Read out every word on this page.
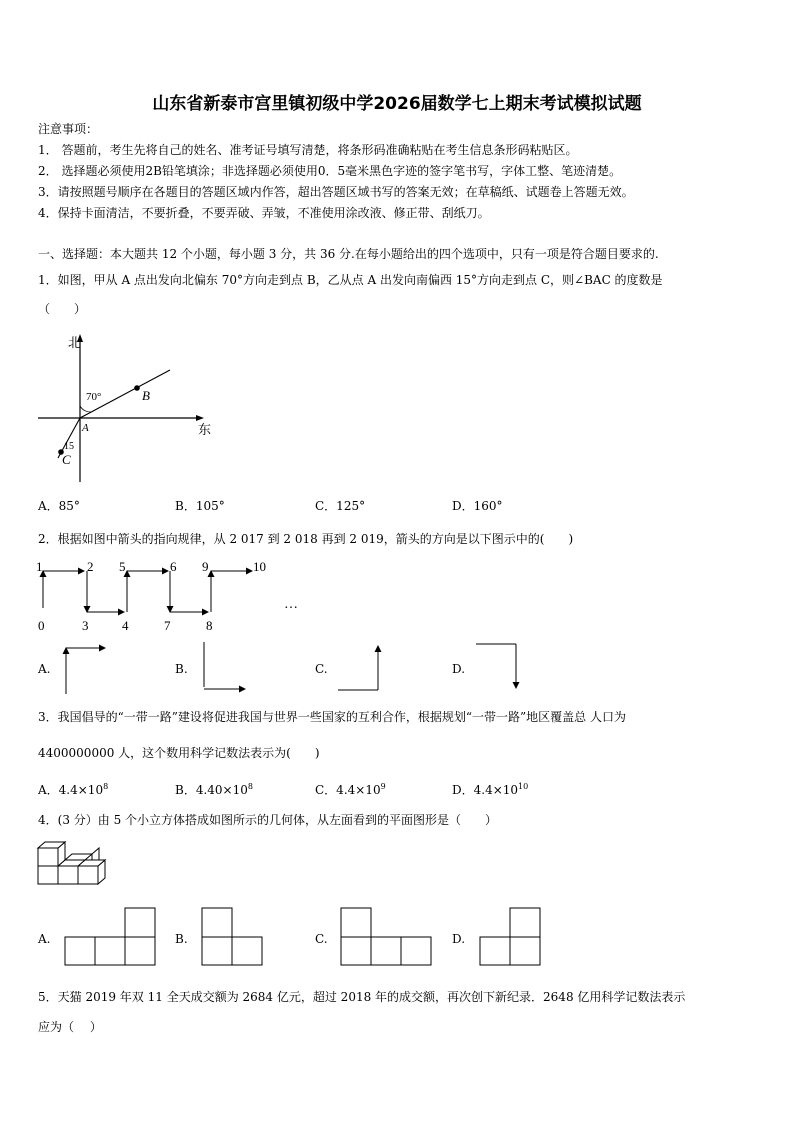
山东省新泰市宫里镇初级中学2026届数学七上期末考试模拟试题
注意事项：
1． 答题前，考生先将自己的姓名、准考证号填写清楚，将条形码准确粘贴在考生信息条形码粘贴区。
2． 选择题必须使用2B铅笔填涂；非选择题必须使用0．5毫米黑色字迹的签字笔书写，字体工整、笔迹清楚。
3．请按照题号顺序在各题目的答题区域内作答，超出答题区域书写的答案无效；在草稿纸、试题卷上答题无效。
4．保持卡面清洁，不要折叠，不要弄破、弄皱，不准使用涂改液、修正带、刮纸刀。
一、选择题：本大题共 12 个小题，每小题 3 分，共 36 分.在每小题给出的四个选项中，只有一项是符合题目要求的.
1．如图，甲从 A 点出发向北偏东 70°方向走到点 B，乙从点 A 出发向南偏西 15°方向走到点 C，则∠BAC 的度数是
（　　）
北
东
70°
15
A
B
C
A．85°	B．105°	C．125°	D．160°
2．根据如图中箭头的指向规律，从 2 017 到 2 018 再到 2 019，箭头的方向是以下图示中的(　　)
1	2 5	6 9	10
0	3	4	7	8
…
A.	B.	C.	D.
3．我国倡导的“一带一路”建设将促进我国与世界一些国家的互利合作，根据规划“一带一路”地区覆盖总 人口为
4400000000 人，这个数用科学记数法表示为(　　)
A．$4.4\times 10^8$	B．$4.40\times 10^8$	C．$4.4\times 10^9$	D．$4.4\times 10^{10}$
4．(3 分）由 5 个小立方体搭成如图所示的几何体，从左面看到的平面图形是（　　）
A.	B.	C.	D.
5．天猫 2019 年双 11 全天成交额为 2684 亿元，超过 2018 年的成交额，再次创下新纪录．2648 亿用科学记数法表示
应为（　 ）
